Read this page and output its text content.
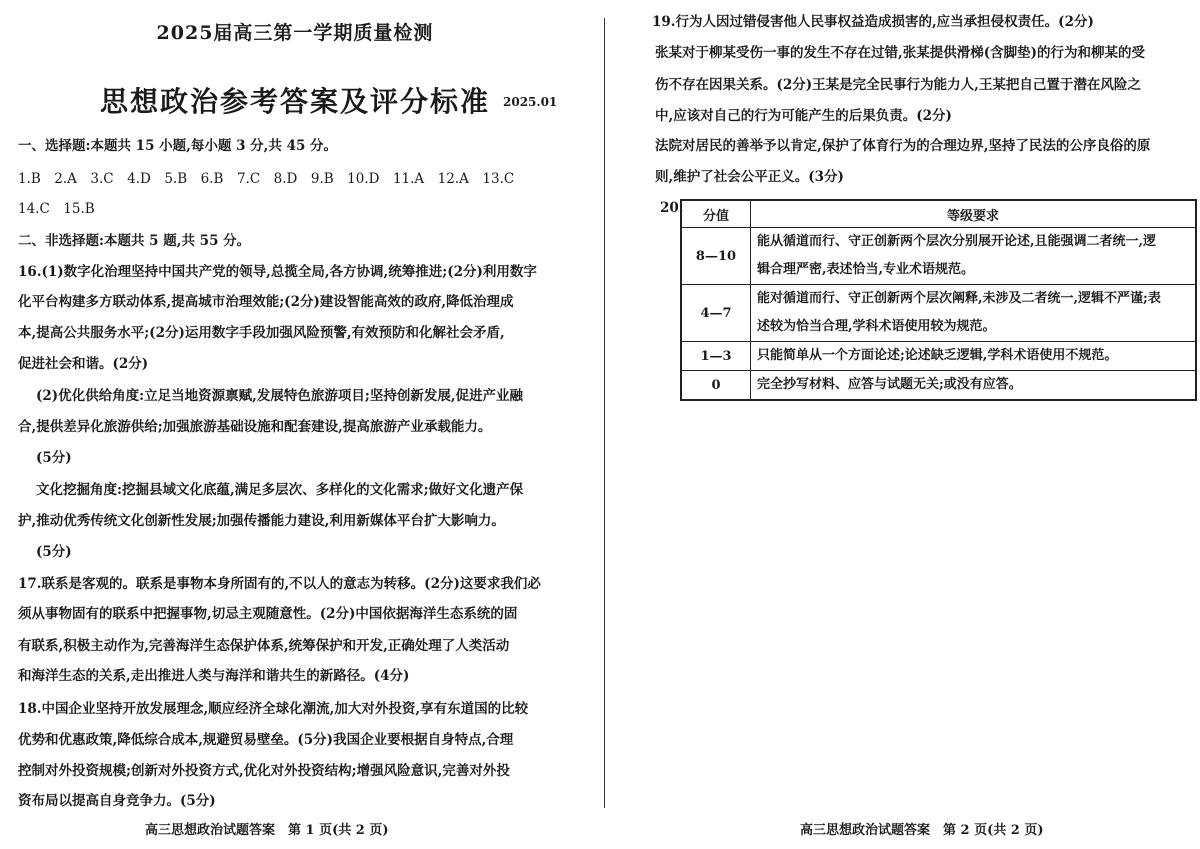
2025届高三第一学期质量检测
思想政治参考答案及评分标准	2025.01
一、选择题:本题共 15 小题,每小题 3 分,共 45 分。
1.B　2.A　3.C　4.D　5.B　6.B　7.C　8.D　9.B　10.D　11.A　12.A　13.C
14.C　15.B
二、非选择题:本题共 5 题,共 55 分。
16.(1)数字化治理坚持中国共产党的领导,总揽全局,各方协调,统筹推进;(2分)利用数字
化平台构建多方联动体系,提高城市治理效能;(2分)建设智能高效的政府,降低治理成
本,提高公共服务水平;(2分)运用数字手段加强风险预警,有效预防和化解社会矛盾,
促进社会和谐。(2分)
(2)优化供给角度:立足当地资源禀赋,发展特色旅游项目;坚持创新发展,促进产业融
合,提供差异化旅游供给;加强旅游基础设施和配套建设,提高旅游产业承载能力。
(5分)
文化挖掘角度:挖掘县域文化底蕴,满足多层次、多样化的文化需求;做好文化遗产保
护,推动优秀传统文化创新性发展;加强传播能力建设,利用新媒体平台扩大影响力。
(5分)
17.联系是客观的。联系是事物本身所固有的,不以人的意志为转移。(2分)这要求我们必
须从事物固有的联系中把握事物,切忌主观随意性。(2分)中国依据海洋生态系统的固
有联系,积极主动作为,完善海洋生态保护体系,统筹保护和开发,正确处理了人类活动
和海洋生态的关系,走出推进人类与海洋和谐共生的新路径。(4分)
18.中国企业坚持开放发展理念,顺应经济全球化潮流,加大对外投资,享有东道国的比较
优势和优惠政策,降低综合成本,规避贸易壁垒。(5分)我国企业要根据自身特点,合理
控制对外投资规模;创新对外投资方式,优化对外投资结构;增强风险意识,完善对外投
资布局以提高自身竞争力。(5分)
高三思想政治试题答案　第 1 页(共 2 页)
19.行为人因过错侵害他人民事权益造成损害的,应当承担侵权责任。(2分)
张某对于柳某受伤一事的发生不存在过错,张某提供滑梯(含脚垫)的行为和柳某的受
伤不存在因果关系。(2分)王某是完全民事行为能力人,王某把自己置于潜在风险之
中,应该对自己的行为可能产生的后果负责。(2分)
法院对居民的善举予以肯定,保护了体育行为的合理边界,坚持了民法的公序良俗的原
则,维护了社会公平正义。(3分)
20. 分值	等级要求
8—10	能从循道而行、守正创新两个层次分别展开论述,且能强调二者统一,逻
辑合理严密,表述恰当,专业术语规范。

4—7	能对循道而行、守正创新两个层次阐释,未涉及二者统一,逻辑不严谨;表
述较为恰当合理,学科术语使用较为规范。

1—3	只能简单从一个方面论述;论述缺乏逻辑,学科术语使用不规范。

0	完全抄写材料、应答与试题无关;或没有应答。
高三思想政治试题答案　第 2 页(共 2 页)
